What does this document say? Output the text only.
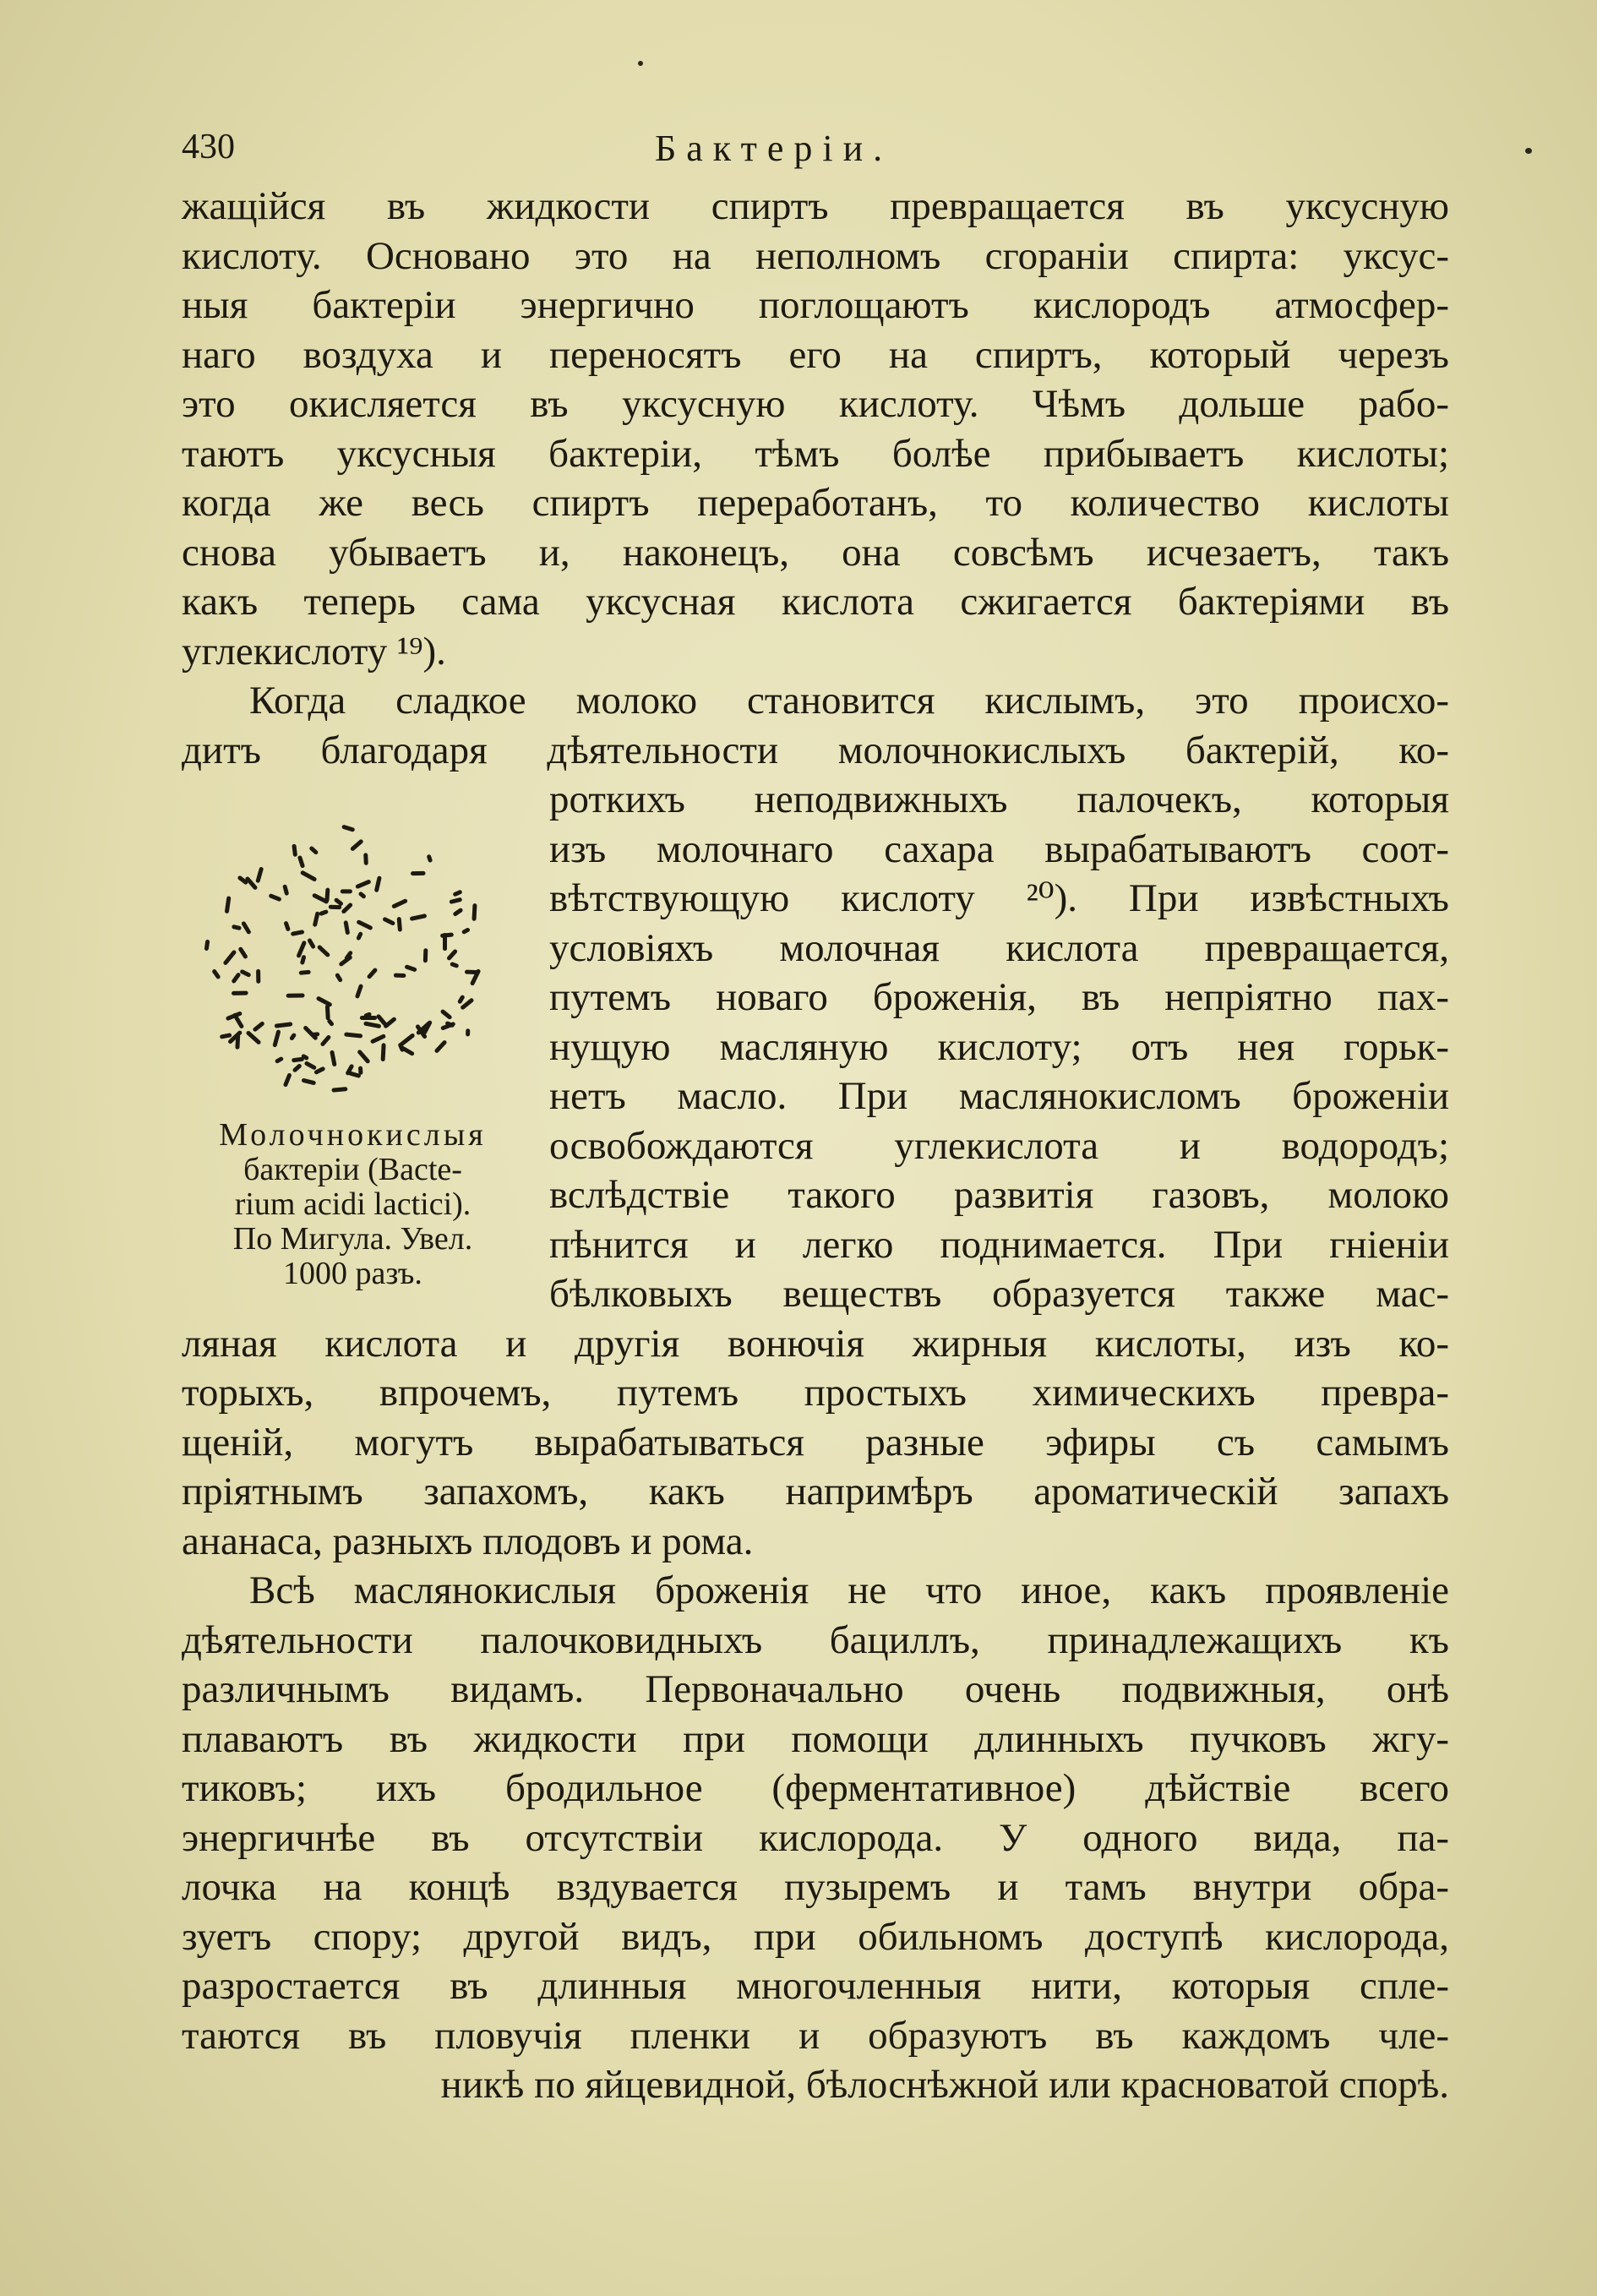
430	Бактеріи.
жащійся въ жидкости спиртъ превращается въ уксусную
кислоту. Основано это на неполномъ сгораніи спирта: уксус-
ныя бактеріи энергично поглощаютъ кислородъ атмосфер-
наго воздуха и переносятъ его на спиртъ, который черезъ
это окисляется въ уксусную кислоту. Чѣмъ дольше рабо-
таютъ уксусныя бактеріи, тѣмъ болѣе прибываетъ кислоты;
когда же весь спиртъ переработанъ, то количество кислоты
снова убываетъ и, наконецъ, она совсѣмъ исчезаетъ, такъ
какъ теперь сама уксусная кислота сжигается бактеріями въ
углекислоту ¹⁹).
Когда сладкое молоко становится кислымъ, это происхо-
дитъ благодаря дѣятельности молочнокислыхъ бактерій, ко-
роткихъ неподвижныхъ палочекъ, которыя
изъ молочнаго сахара вырабатываютъ соот-
вѣтствующую кислоту ²⁰). При извѣстныхъ
условіяхъ молочная кислота превращается,
путемъ новаго броженія, въ непріятно пах-
нущую масляную кислоту; отъ нея горьк-
нетъ масло. При маслянокисломъ броженіи
освобождаются углекислота и водородъ;
вслѣдствіе такого развитія газовъ, молоко
пѣнится и легко поднимается. При гніеніи
бѣлковыхъ веществъ образуется также мас-
ляная кислота и другія вонючія жирныя кислоты, изъ ко-
торыхъ, впрочемъ, путемъ простыхъ химическихъ превра-
щеній, могутъ вырабатываться разные эфиры съ самымъ
пріятнымъ запахомъ, какъ напримѣръ ароматическій запахъ
ананаса, разныхъ плодовъ и рома.
Всѣ маслянокислыя броженія не что иное, какъ проявленіе
дѣятельности палочковидныхъ бациллъ, принадлежащихъ къ
различнымъ видамъ. Первоначально очень подвижныя, онѣ
плаваютъ въ жидкости при помощи длинныхъ пучковъ жгу-
тиковъ; ихъ бродильное (ферментативное) дѣйствіе всего
энергичнѣе въ отсутствіи кислорода. У одного вида, па-
лочка на концѣ вздувается пузыремъ и тамъ внутри обра-
зуетъ спору; другой видъ, при обильномъ доступѣ кислорода,
разростается въ длинныя многочленныя нити, которыя спле-
таются въ пловучія пленки и образуютъ въ каждомъ чле-
никѣ по яйцевидной, бѣлоснѣжной или красноватой спорѣ.
Молочнокислыя
бактеріи (Bacte-
rium acidi lactici).
По Мигула. Увел.
1000 разъ.
